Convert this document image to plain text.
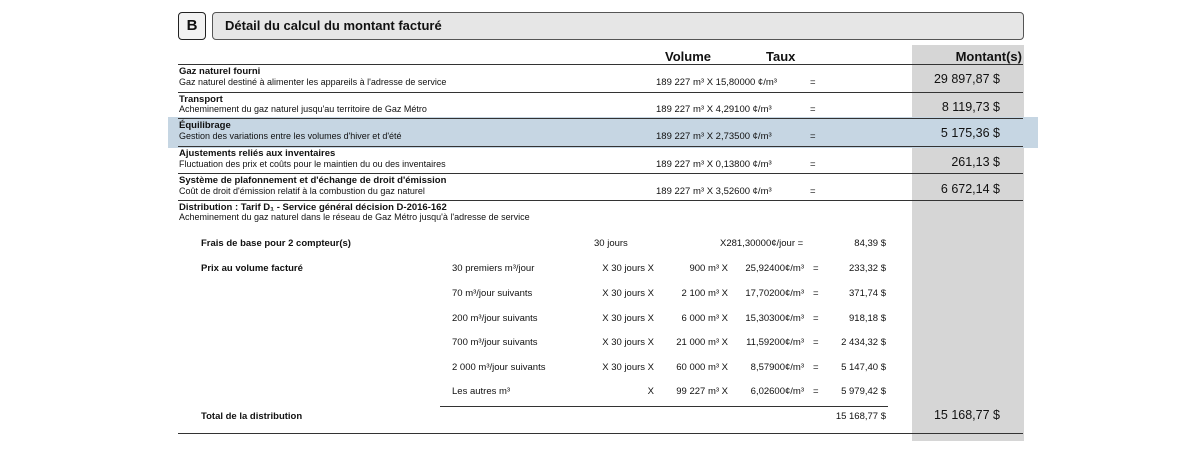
B	Détail du calcul du montant facturé
Volume	Taux	Montant(s)
Gaz naturel fourni
Gaz naturel destiné à alimenter les appareils à l'adresse de service	189 227 m³ X 15,80000 ¢/m³	=	29 897,87 $
Transport
Acheminement du gaz naturel jusqu'au territoire de Gaz Métro	189 227 m³ X 4,29100 ¢/m³	=	8 119,73 $
Équilibrage
Gestion des variations entre les volumes d'hiver et d'été	189 227 m³ X 2,73500 ¢/m³	=	5 175,36 $
Ajustements reliés aux inventaires
Fluctuation des prix et coûts pour le maintien du ou des inventaires	189 227 m³ X 0,13800 ¢/m³	=	261,13 $
Système de plafonnement et d'échange de droit d'émission
Coût de droit d'émission relatif à la combustion du gaz naturel	189 227 m³ X 3,52600 ¢/m³	=	6 672,14 $
Distribution : Tarif D₁ - Service général décision D-2016-162
Acheminement du gaz naturel dans le réseau de Gaz Métro jusqu'à l'adresse de service
Frais de base pour 2 compteur(s)	30 jours	X281,30000¢/jour =	84,39 $
Prix au volume facturé	30 premiers m³/jour	X 30 jours X	900 m³ X	25,92400¢/m³ =	233,32 $
70 m³/jour suivants	X 30 jours X	2 100 m³ X	17,70200¢/m³ =	371,74 $
200 m³/jour suivants	X 30 jours X	6 000 m³ X	15,30300¢/m³ =	918,18 $
700 m³/jour suivants	X 30 jours X	21 000 m³ X	11,59200¢/m³ =	2 434,32 $
2 000 m³/jour suivants	X 30 jours X	60 000 m³ X	8,57900¢/m³ =	5 147,40 $
Les autres m³	X	99 227 m³ X	6,02600¢/m³ =	5 979,42 $
Total de la distribution	15 168,77 $	15 168,77 $
